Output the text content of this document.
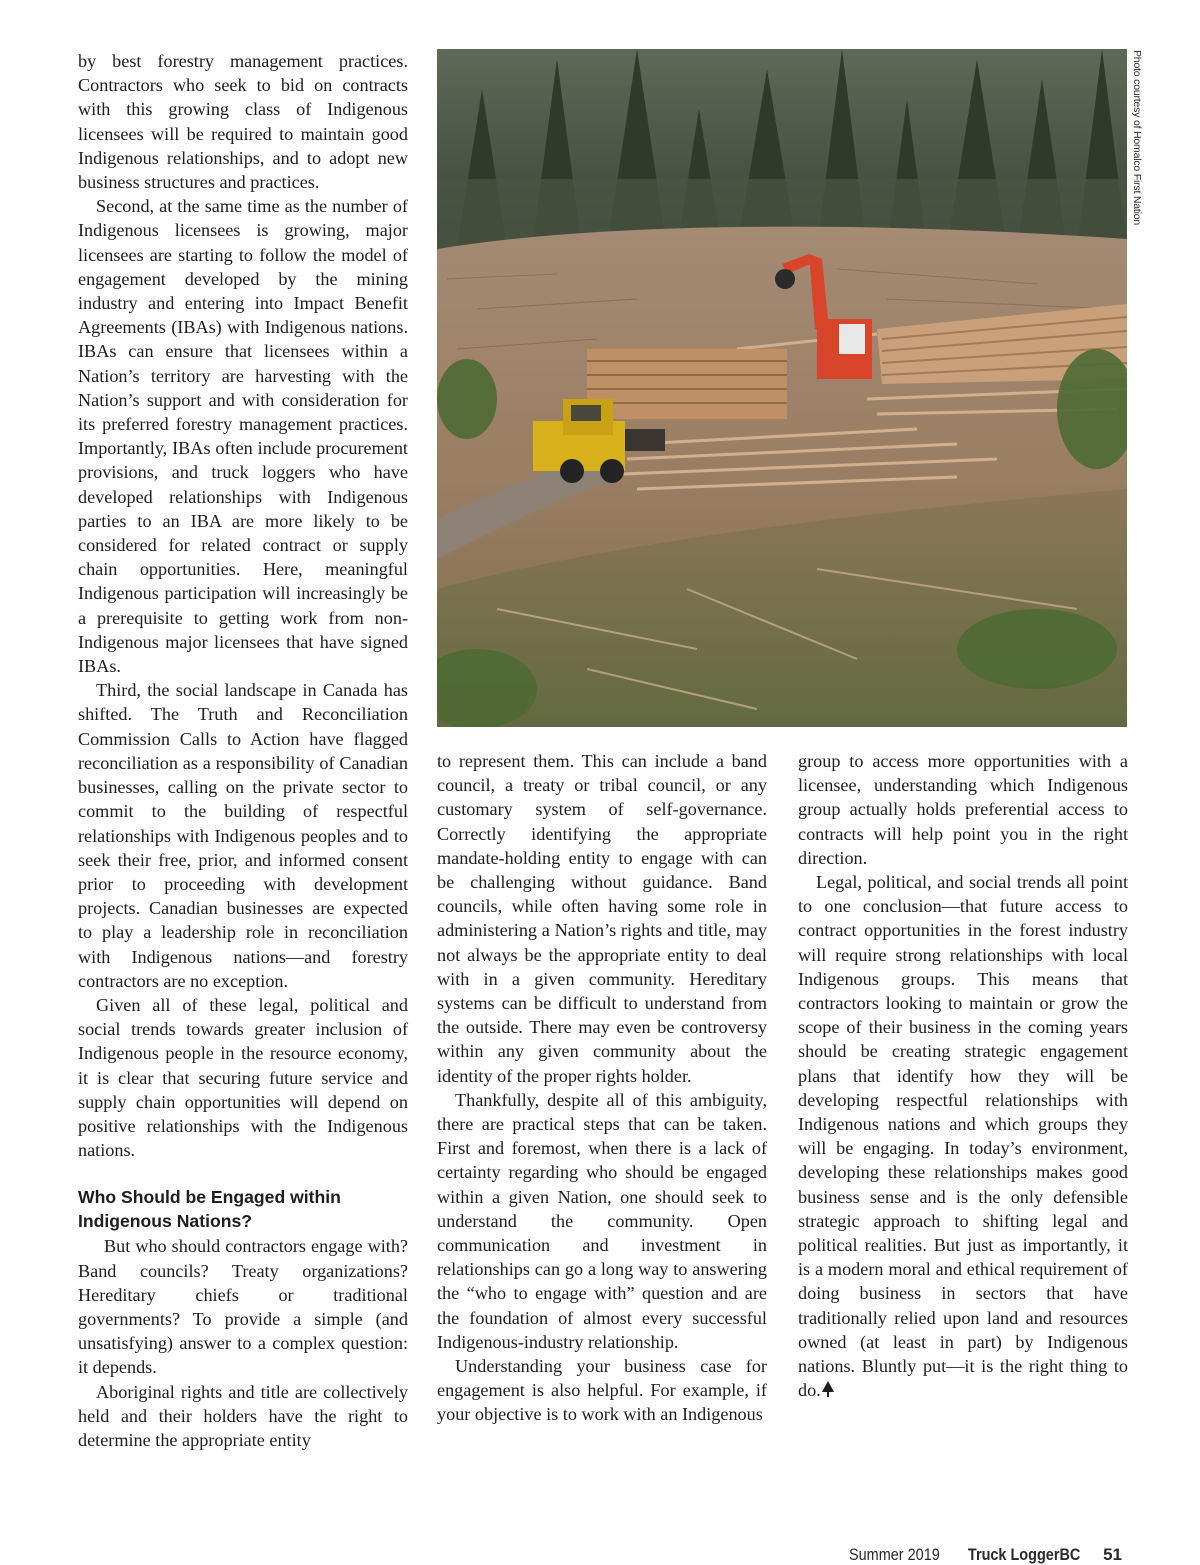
by best forestry management practices. Contractors who seek to bid on contracts with this growing class of Indigenous licensees will be required to maintain good Indigenous relationships, and to adopt new business structures and practices.

Second, at the same time as the number of Indigenous licensees is growing, major licensees are starting to follow the model of engagement developed by the mining industry and entering into Impact Benefit Agreements (IBAs) with Indigenous nations. IBAs can ensure that licensees within a Nation’s territory are harvesting with the Nation’s support and with consideration for its preferred forestry management practices. Importantly, IBAs often include procurement provisions, and truck loggers who have developed relationships with Indigenous parties to an IBA are more likely to be considered for related contract or supply chain opportunities. Here, meaningful Indigenous participation will increasingly be a prerequisite to getting work from non-Indigenous major licensees that have signed IBAs.

Third, the social landscape in Canada has shifted. The Truth and Reconciliation Commission Calls to Action have flagged reconciliation as a responsibility of Canadian businesses, calling on the private sector to commit to the building of respectful relationships with Indigenous peoples and to seek their free, prior, and informed consent prior to proceeding with development projects. Canadian businesses are expected to play a leadership role in reconciliation with Indigenous nations—and forestry contractors are no exception.

Given all of these legal, political and social trends towards greater inclusion of Indigenous people in the resource economy, it is clear that securing future service and supply chain opportunities will depend on positive relationships with the Indigenous nations.

Who Should be Engaged within Indigenous Nations?

But who should contractors engage with? Band councils? Treaty organizations? Hereditary chiefs or traditional governments? To provide a simple (and unsatisfying) answer to a complex question: it depends.

Aboriginal rights and title are collectively held and their holders have the right to determine the appropriate entity

Photo courtesy of Homalco First Nation

to represent them. This can include a band council, a treaty or tribal council, or any customary system of self-governance. Correctly identifying the appropriate mandate-holding entity to engage with can be challenging without guidance. Band councils, while often having some role in administering a Nation’s rights and title, may not always be the appropriate entity to deal with in a given community. Hereditary systems can be difficult to understand from the outside. There may even be controversy within any given community about the identity of the proper rights holder.

Thankfully, despite all of this ambiguity, there are practical steps that can be taken. First and foremost, when there is a lack of certainty regarding who should be engaged within a given Nation, one should seek to understand the community. Open communication and investment in relationships can go a long way to answering the “who to engage with” question and are the foundation of almost every successful Indigenous-industry relationship.

Understanding your business case for engagement is also helpful. For example, if your objective is to work with an Indigenous

group to access more opportunities with a licensee, understanding which Indigenous group actually holds preferential access to contracts will help point you in the right direction.

Legal, political, and social trends all point to one conclusion—that future access to contract opportunities in the forest industry will require strong relationships with local Indigenous groups. This means that contractors looking to maintain or grow the scope of their business in the coming years should be creating strategic engagement plans that identify how they will be developing respectful relationships with Indigenous nations and which groups they will be engaging. In today’s environment, developing these relationships makes good business sense and is the only defensible strategic approach to shifting legal and political realities. But just as importantly, it is a modern moral and ethical requirement of doing business in sectors that have traditionally relied upon land and resources owned (at least in part) by Indigenous nations. Bluntly put—it is the right thing to do.

Summer 2019 Truck LoggerBC 51
